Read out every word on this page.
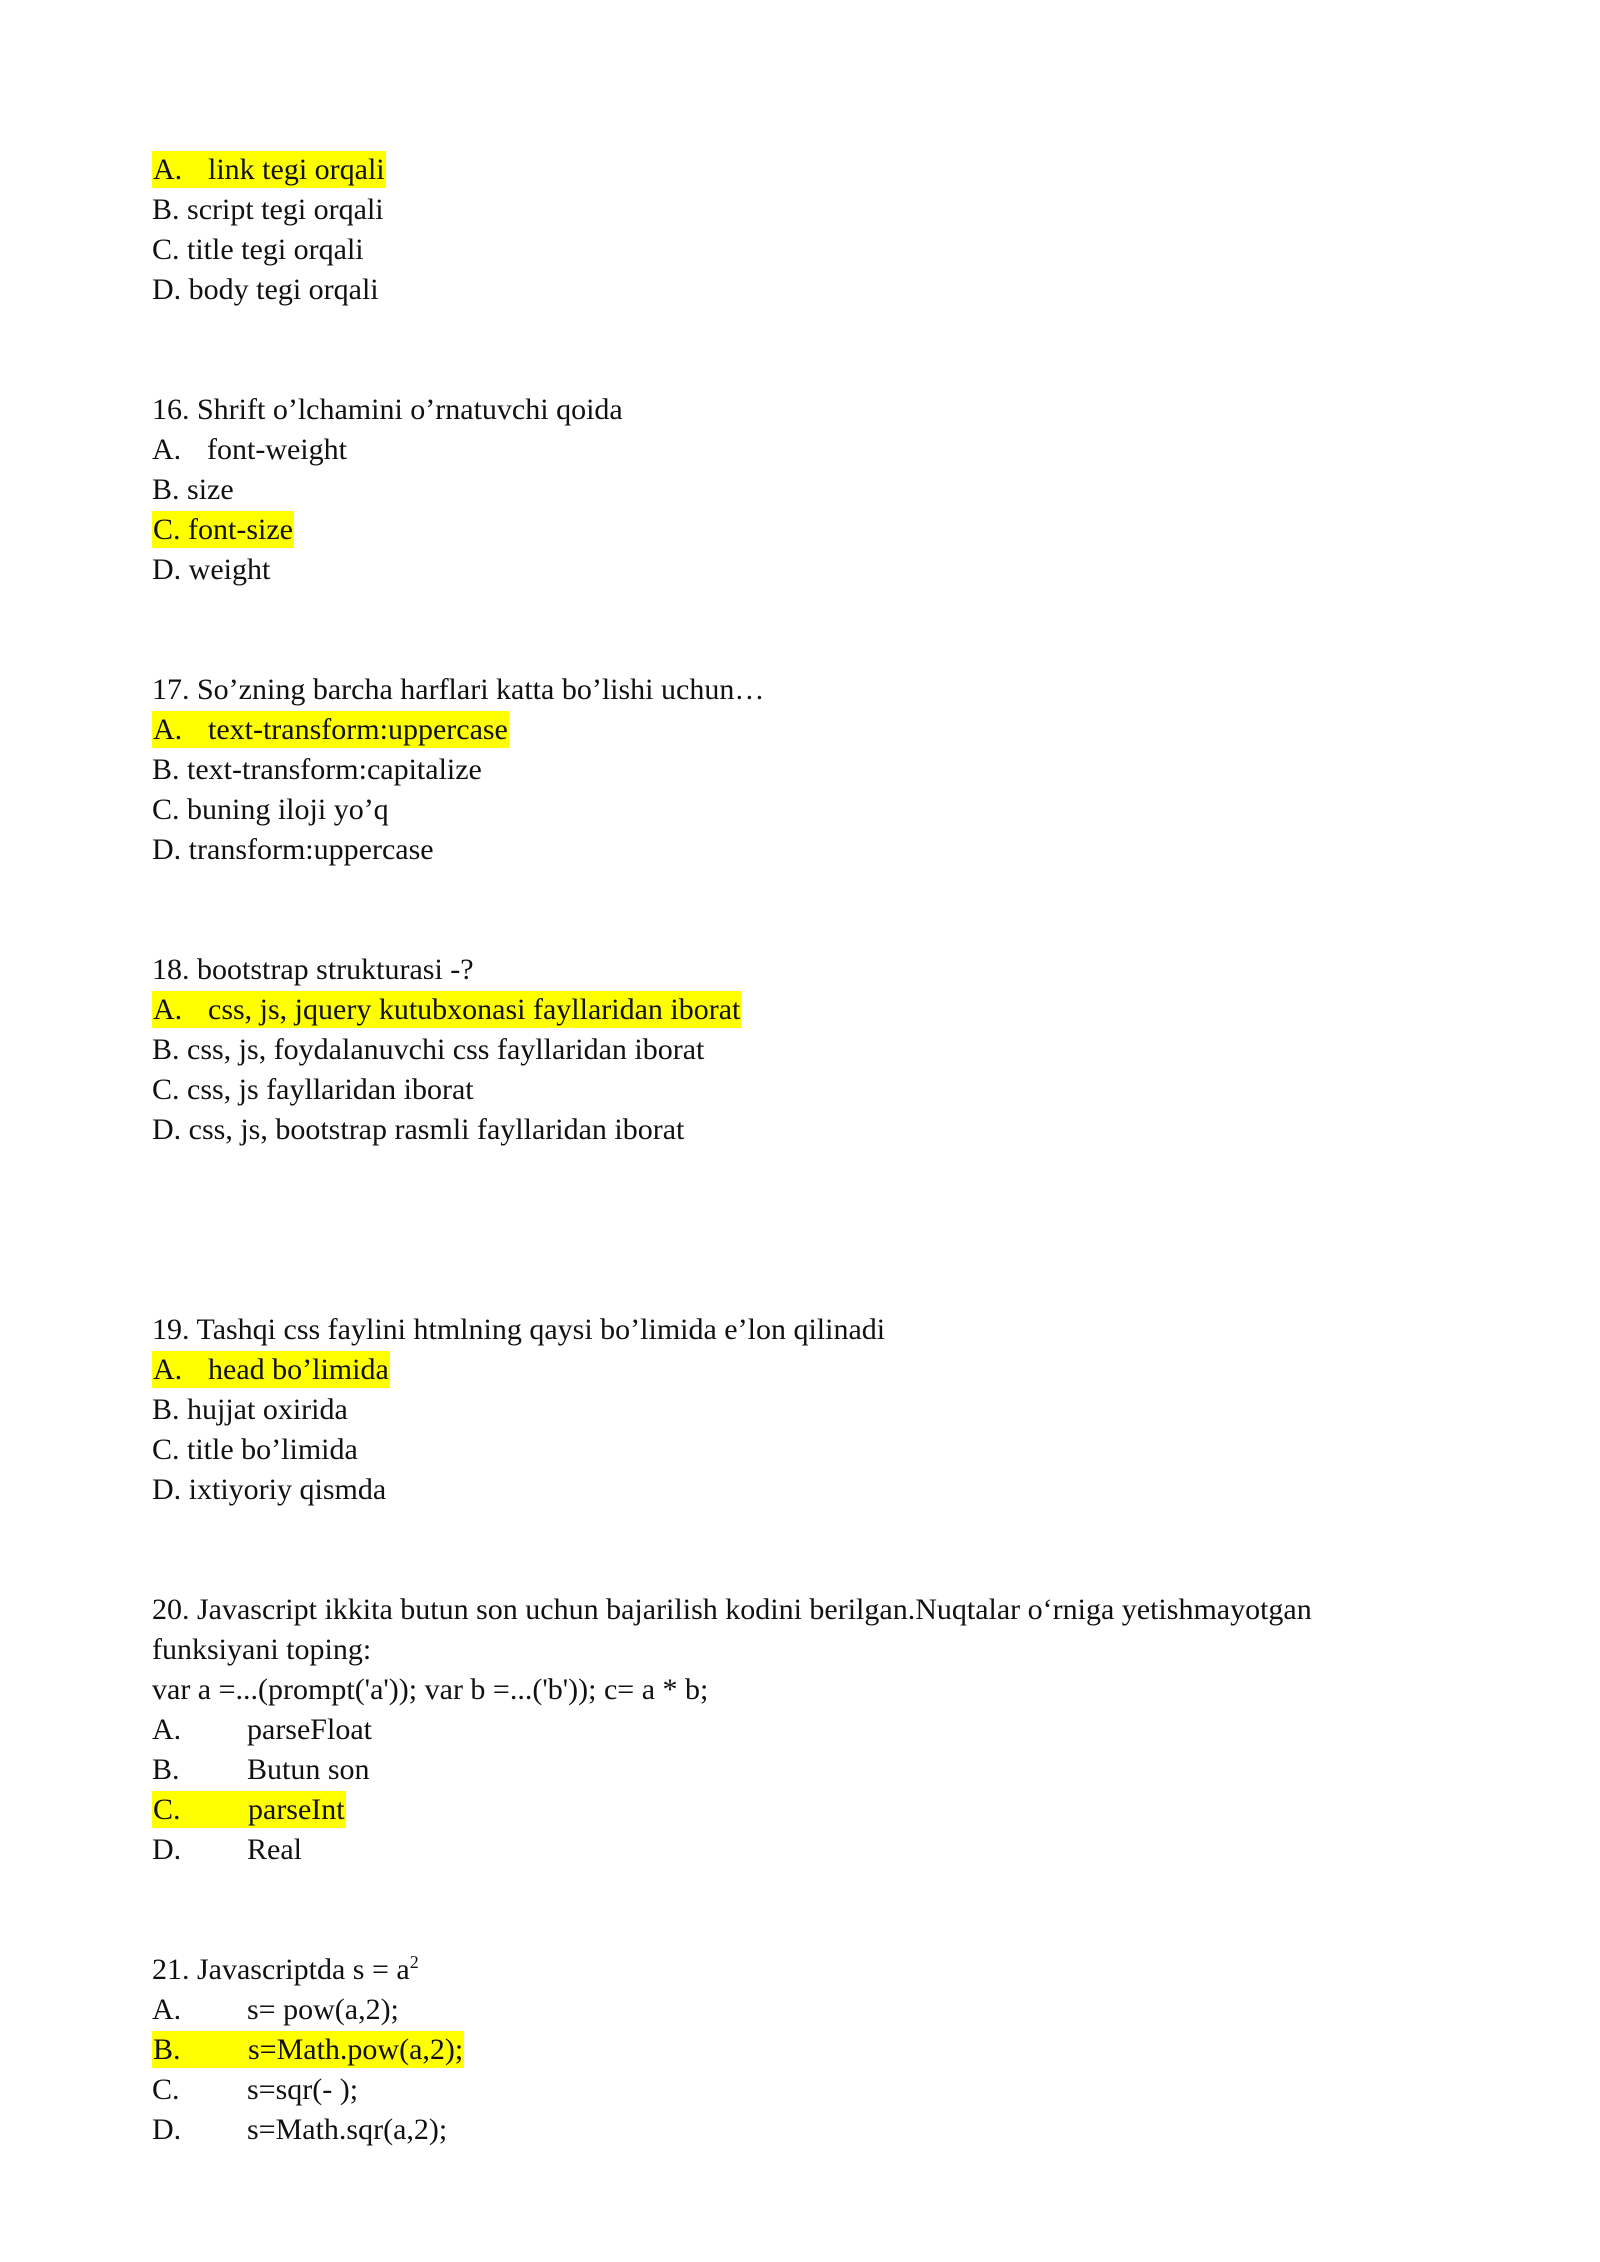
A. link tegi orqali
B. script tegi orqali
C. title tegi orqali
D. body tegi orqali
16. Shrift o’lchamini o’rnatuvchi qoida
A. font-weight
B. size
C. font-size
D. weight
17. So’zning barcha harflari katta bo’lishi uchun…
A. text-transform:uppercase
B. text-transform:capitalize
C. buning iloji yo’q
D. transform:uppercase
18. bootstrap strukturasi -?
A. css, js, jquery kutubxonasi fayllaridan iborat
B. css, js, foydalanuvchi css fayllaridan iborat
C. css, js fayllaridan iborat
D. css, js, bootstrap rasmli fayllaridan iborat
19. Tashqi css faylini htmlning qaysi bo’limida e’lon qilinadi
A. head bo’limida
B. hujjat oxirida
C. title bo’limida
D. ixtiyoriy qismda
20. Javascript ikkita butun son uchun bajarilish kodini berilgan.Nuqtalar o‘rniga yetishmayotgan
funksiyani toping:
var a =...(prompt('a')); var b =...('b')); c= a * b;
A. parseFloat
B. Butun son
C. parseInt
D. Real
21. Javascriptda $s = a^2$
A. s= pow(a,2);
B. s=Math.pow(a,2);
C. s=sqr(- );
D. s=Math.sqr(a,2);
